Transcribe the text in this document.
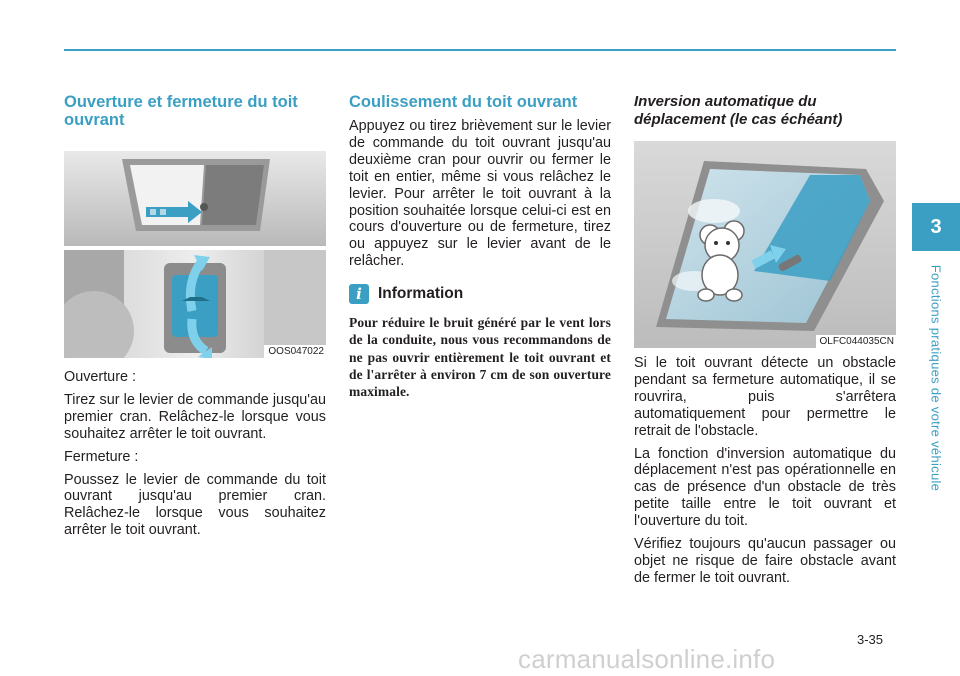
Ouverture et fermeture du toit ouvrant
OOS047022

Ouverture :

Tirez sur le levier de commande jusqu'au premier cran. Relâchez-le lorsque vous souhaitez arrêter le toit ouvrant.

Fermeture :

Poussez le levier de commande du toit ouvrant jusqu'au premier cran. Relâchez-le lorsque vous souhaitez arrêter le toit ouvrant.

Coulissement du toit ouvrant

Appuyez ou tirez brièvement sur le levier de commande du toit ouvrant jusqu'au deuxième cran pour ouvrir ou fermer le toit en entier, même si vous relâchez le levier. Pour arrêter le toit ouvrant à la position souhaitée lorsque celui-ci est en cours d'ouverture ou de fermeture, tirez ou appuyez sur le levier avant de le relâcher.

i	Information

Pour réduire le bruit généré par le vent lors de la conduite, nous vous recommandons de ne pas ouvrir entièrement le toit ouvrant et de l'arrêter à environ 7 cm de son ouverture maximale.

Inversion automatique du déplacement (le cas échéant)
OLFC044035CN

Si le toit ouvrant détecte un obstacle pendant sa fermeture automatique, il se rouvrira, puis s'arrêtera automatiquement pour permettre le retrait de l'obstacle.

La fonction d'inversion automatique du déplacement n'est pas opérationnelle en cas de présence d'un obstacle de très petite taille entre le toit ouvrant et l'ouverture du toit.

Vérifiez toujours qu'aucun passager ou objet ne risque de faire obstacle avant de fermer le toit ouvrant.

3
Fonctions pratiques de votre véhicule
3-35
carmanualsonline.info
